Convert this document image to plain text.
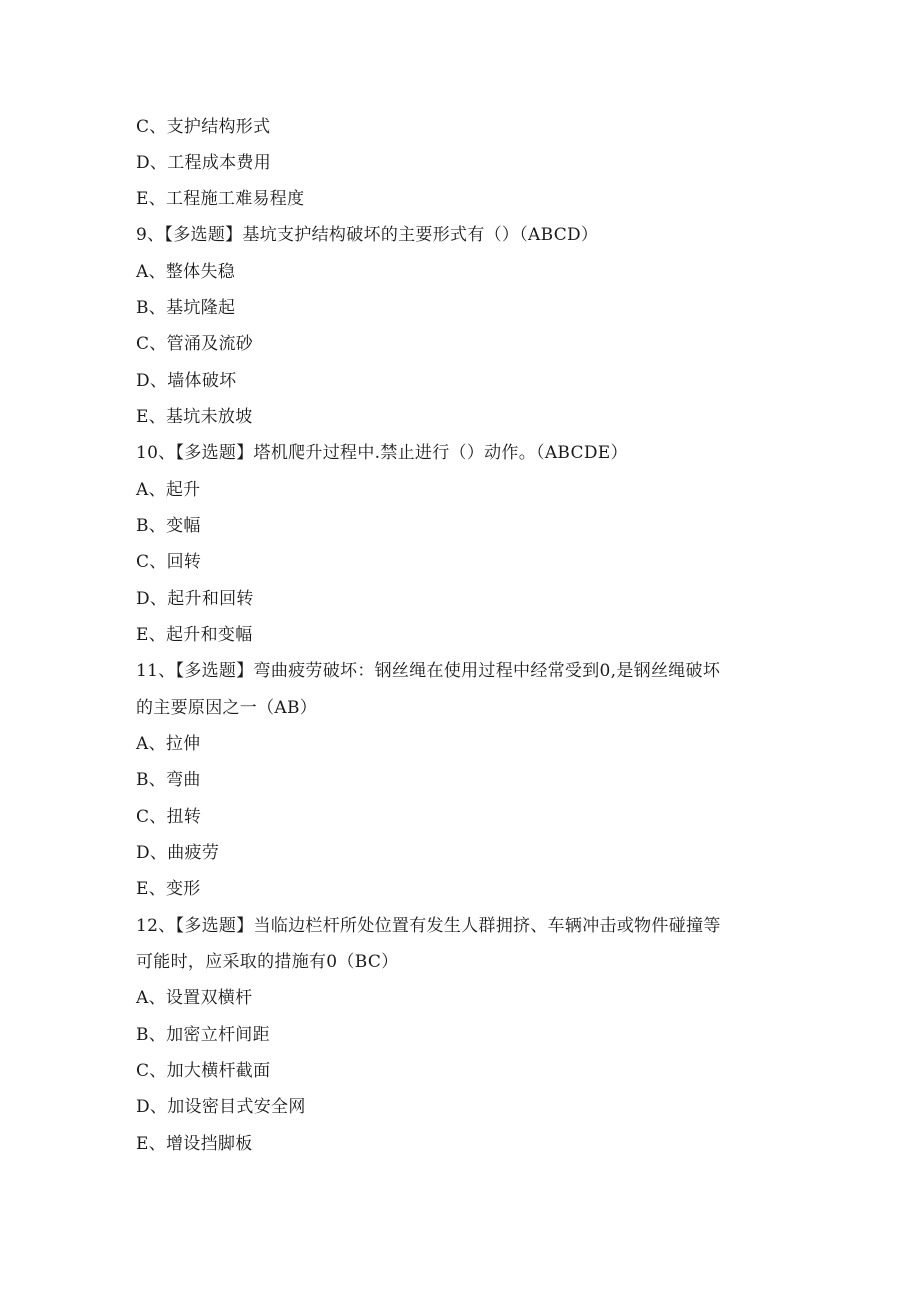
C、支护结构形式
D、工程成本费用
E、工程施工难易程度
9、【多选题】基坑支护结构破坏的主要形式有（）（ABCD）
A、整体失稳
B、基坑隆起
C、管涌及流砂
D、墙体破坏
E、基坑未放坡
10、【多选题】塔机爬升过程中.禁止进行（）动作。（ABCDE）
A、起升
B、变幅
C、回转
D、起升和回转
E、起升和变幅
11、【多选题】弯曲疲劳破坏：钢丝绳在使用过程中经常受到0,是钢丝绳破坏
的主要原因之一（AB）
A、拉伸
B、弯曲
C、扭转
D、曲疲劳
E、变形
12、【多选题】当临边栏杆所处位置有发生人群拥挤、车辆冲击或物件碰撞等
可能时，应采取的措施有0（BC）
A、设置双横杆
B、加密立杆间距
C、加大横杆截面
D、加设密目式安全网
E、增设挡脚板
